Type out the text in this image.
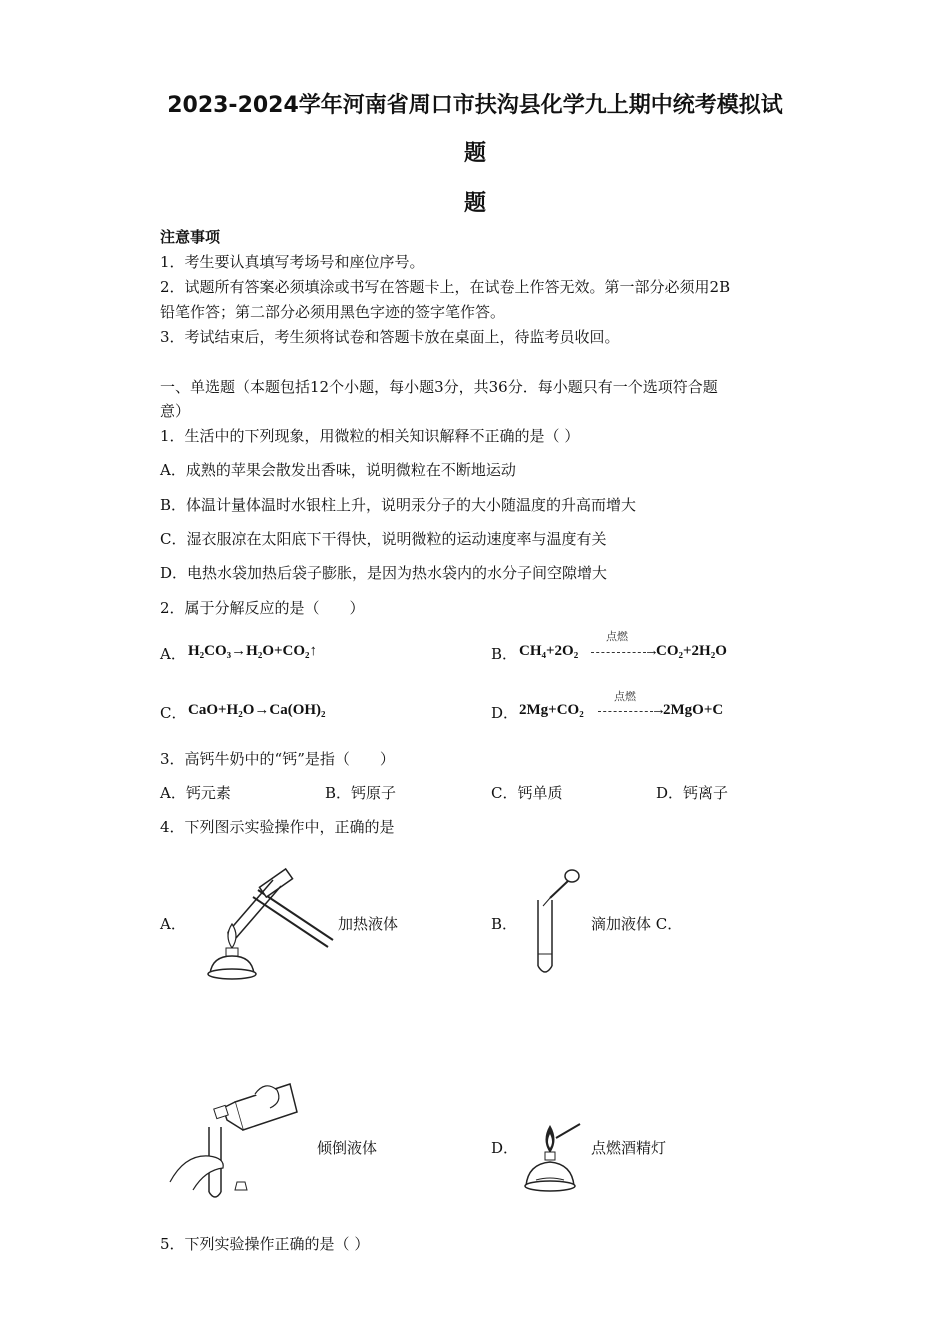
2023-2024学年河南省周口市扶沟县化学九上期中统考模拟试
题
题
注意事项
1．考生要认真填写考场号和座位序号。
2．试题所有答案必须填涂或书写在答题卡上，在试卷上作答无效。第一部分必须用2B
铅笔作答；第二部分必须用黑色字迹的签字笔作答。
3．考试结束后，考生须将试卷和答题卡放在桌面上，待监考员收回。
一、单选题（本题包括12个小题，每小题3分，共36分．每小题只有一个选项符合题
意）
1．生活中的下列现象，用微粒的相关知识解释不正确的是（ ）
A．成熟的苹果会散发出香味，说明微粒在不断地运动
B．体温计量体温时水银柱上升，说明汞分子的大小随温度的升高而增大
C．湿衣服凉在太阳底下干得快，说明微粒的运动速度率与温度有关
D．电热水袋加热后袋子膨胀，是因为热水袋内的水分子间空隙增大
2．属于分解反应的是（　　）
A． H₂CO₃→H₂O+CO₂↑	B． CH₄+2O₂
点燃
→
CO₂+2H₂O
C． CaO+H₂O→Ca(OH)₂	D． 2Mg+CO₂
点燃
→
2MgO+C
3．高钙牛奶中的“钙”是指（　　）
A．钙元素	B．钙原子	C．钙单质	D．钙离子
4．下列图示实验操作中，正确的是
A．	加热液体	B．	滴加液体 C．
倾倒液体	D．	点燃酒精灯
5．下列实验操作正确的是（ ）
